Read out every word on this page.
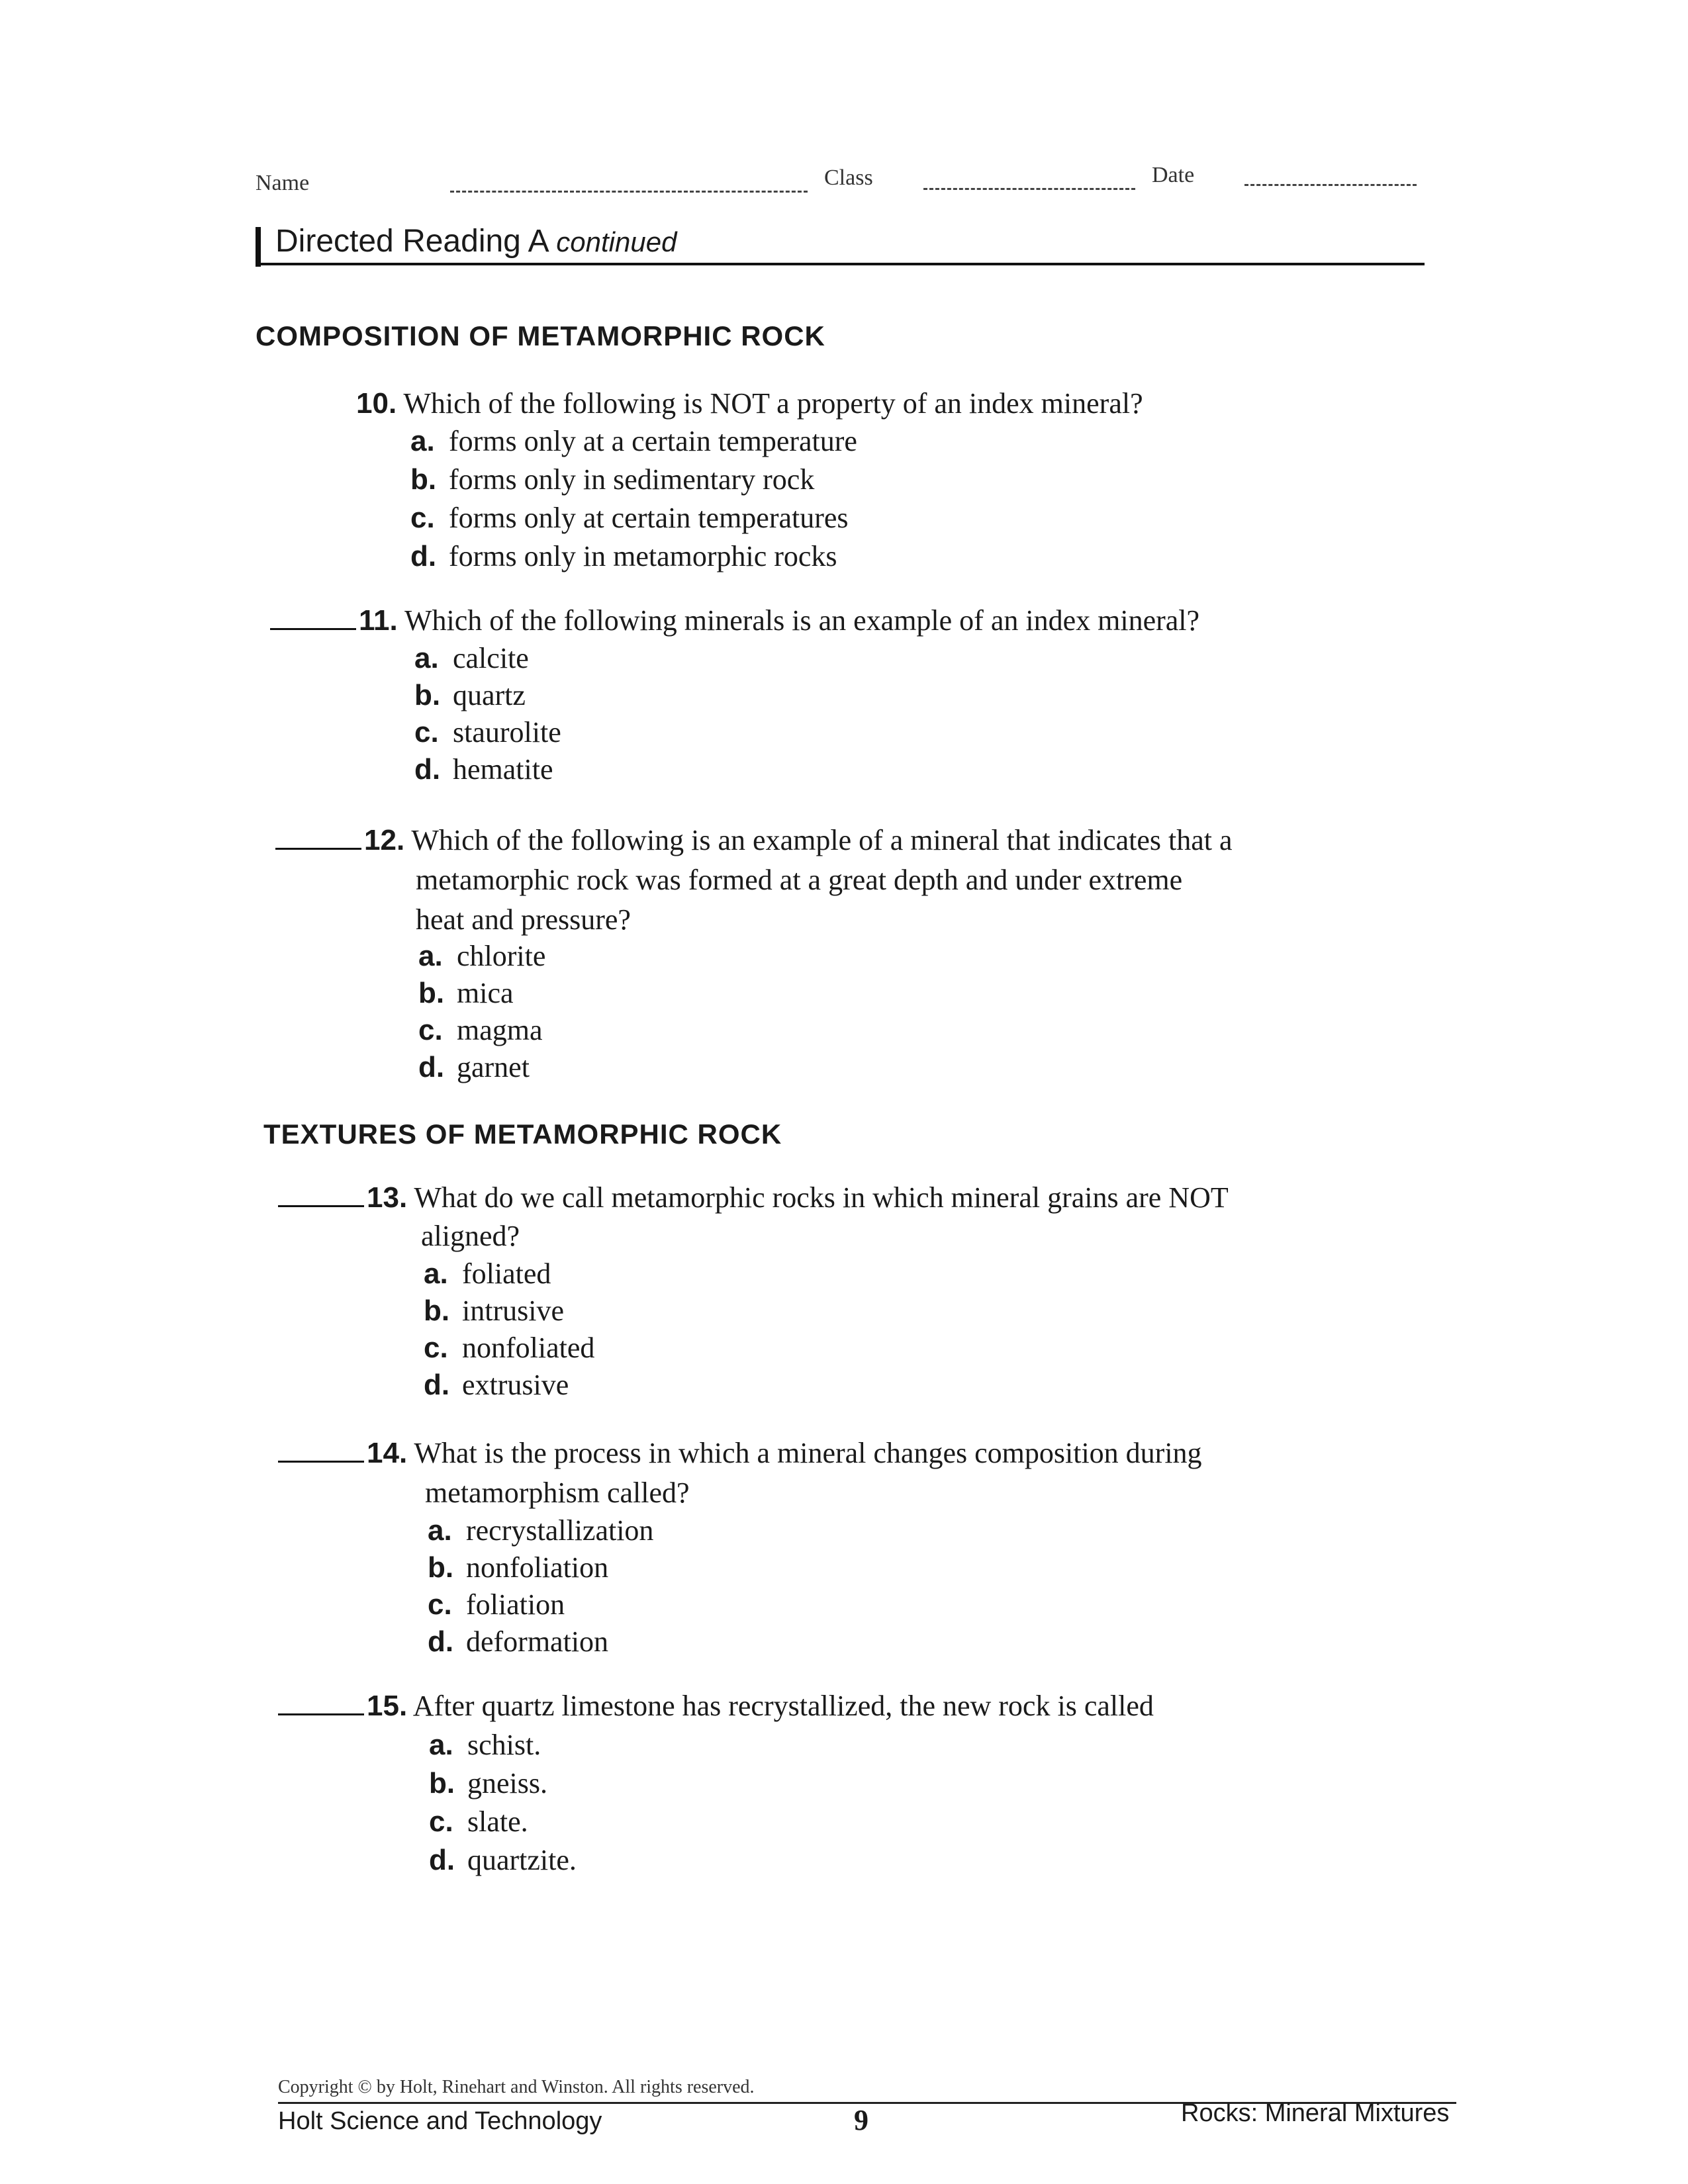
Name	Class	Date
Directed Reading A continued
COMPOSITION OF METAMORPHIC ROCK
10. Which of the following is NOT a property of an index mineral?
a. forms only at a certain temperature
b. forms only in sedimentary rock
c. forms only at certain temperatures
d. forms only in metamorphic rocks
11. Which of the following minerals is an example of an index mineral?
a. calcite
b. quartz
c. staurolite
d. hematite
12. Which of the following is an example of a mineral that indicates that a
metamorphic rock was formed at a great depth and under extreme
heat and pressure?
a. chlorite
b. mica
c. magma
d. garnet
TEXTURES OF METAMORPHIC ROCK
13. What do we call metamorphic rocks in which mineral grains are NOT
aligned?
a. foliated
b. intrusive
c. nonfoliated
d. extrusive
14. What is the process in which a mineral changes composition during
metamorphism called?
a. recrystallization
b. nonfoliation
c. foliation
d. deformation
15. After quartz limestone has recrystallized, the new rock is called
a. schist.
b. gneiss.
c. slate.
d. quartzite.
Copyright © by Holt, Rinehart and Winston. All rights reserved.
Holt Science and Technology	9	Rocks: Mineral Mixtures
